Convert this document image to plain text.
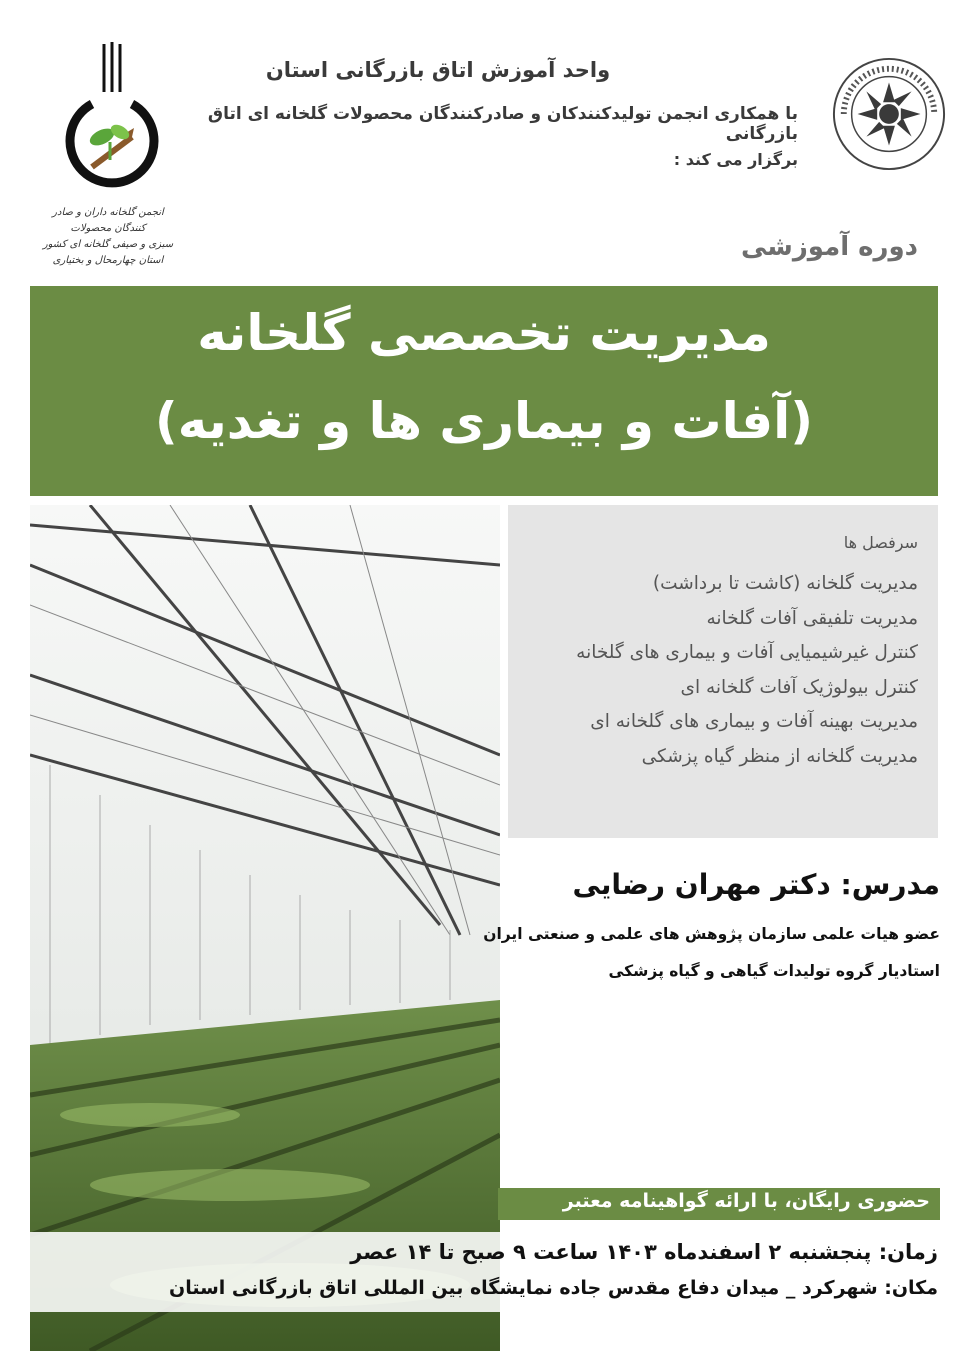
واحد آموزش اتاق بازرگانی استان
با همکاری انجمن تولیدکنندکان و صادرکنندگان محصولات گلخانه ای اتاق بازرگانی
برگزار می کند :
دوره آموزشی
انجمن گلخانه داران و صادر کنندگان محصولات
سبزی و صیفی گلخانه ای کشور
استان چهارمحال و بختیاری
مدیریت تخصصی گلخانه
(آفات و بیماری ها و تغدیه)
سرفصل ها
مدیریت گلخانه (کاشت تا برداشت)
مدیریت تلفیقی آفات گلخانه
کنترل غیرشیمیایی آفات و بیماری های گلخانه
کنترل بیولوژیک آفات گلخانه ای
مدیریت بهینه آفات و بیماری های گلخانه ای
مدیریت گلخانه از منظر گیاه پزشکی
مدرس: دکتر مهران رضایی
عضو هیات علمی سازمان پژوهش های علمی و صنعتی ایران
استادیار گروه تولیدات گیاهی و گیاه پزشکی
حضوری رایگان، با ارائه گواهینامه معتبر
زمان: پنجشنبه ۲ اسفندماه ۱۴۰۳ ساعت ۹ صبح تا ۱۴ عصر
مکان: شهرکرد _ میدان دفاع مقدس جاده نمایشگاه بین المللی اتاق بازرگانی استان
